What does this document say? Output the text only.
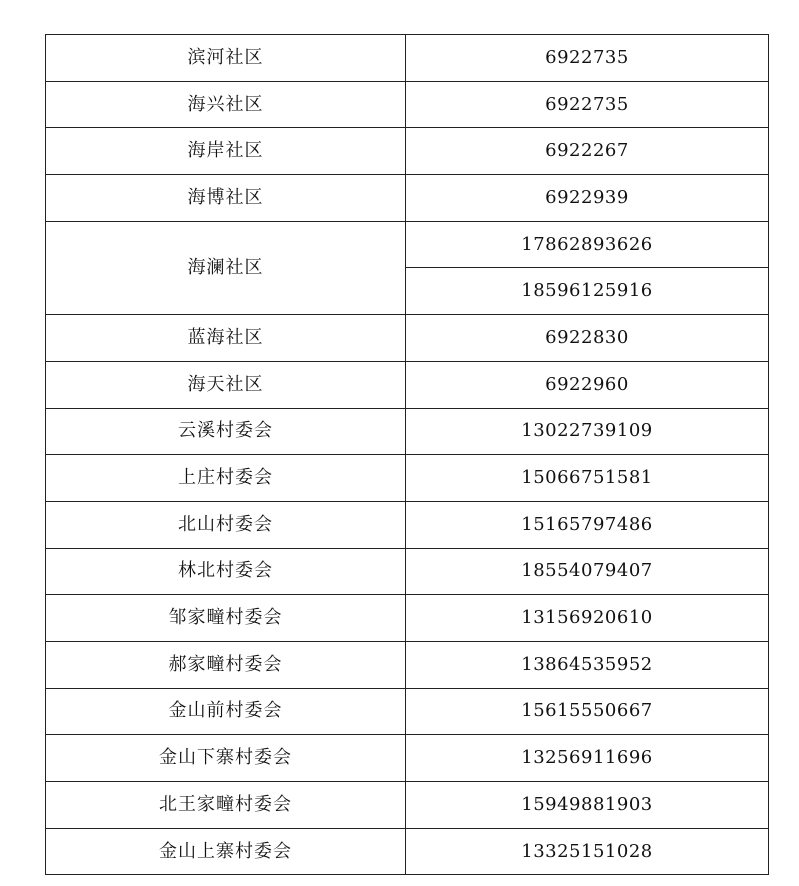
滨河社区	6922735
海兴社区	6922735
海岸社区	6922267
海博社区	6922939
海澜社区	17862893626
	18596125916
蓝海社区	6922830
海天社区	6922960
云溪村委会	13022739109
上庄村委会	15066751581
北山村委会	15165797486
林北村委会	18554079407
邹家疃村委会	13156920610
郝家疃村委会	13864535952
金山前村委会	15615550667
金山下寨村委会	13256911696
北王家疃村委会	15949881903
金山上寨村委会	13325151028
